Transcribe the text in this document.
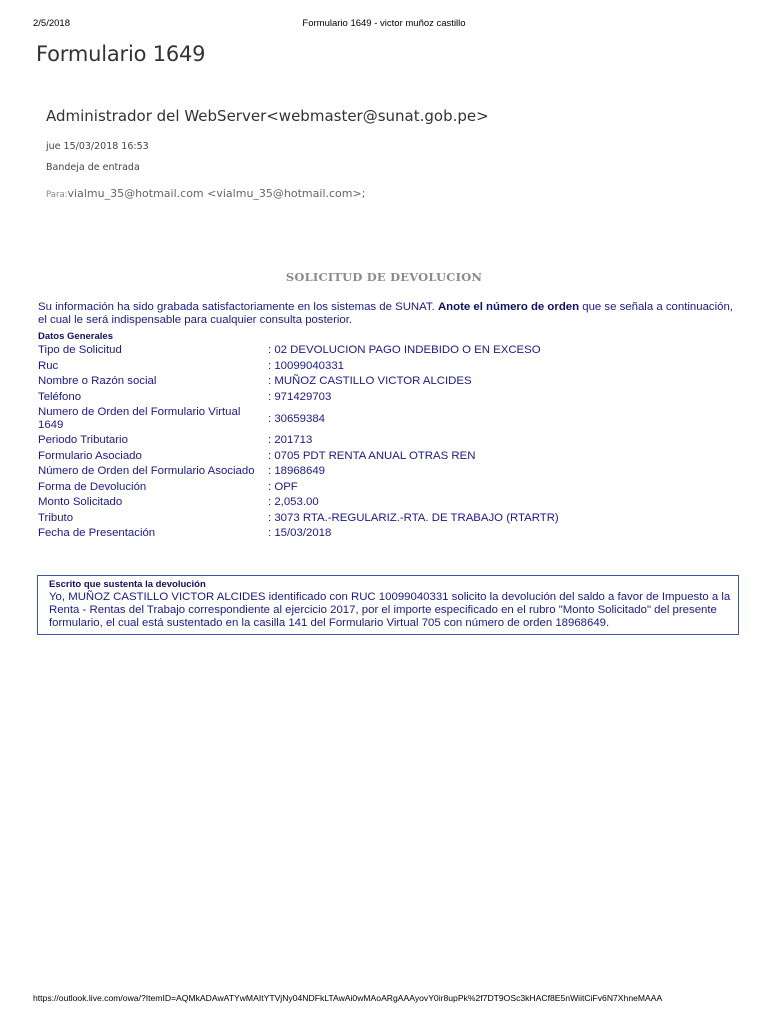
2/5/2018	Formulario 1649 - victor muñoz castillo
Formulario 1649
Administrador del WebServer<webmaster@sunat.gob.pe>
jue 15/03/2018 16:53
Bandeja de entrada
Para:vialmu_35@hotmail.com <vialmu_35@hotmail.com>;
SOLICITUD DE DEVOLUCION
Su información ha sido grabada satisfactoriamente en los sistemas de SUNAT. Anote el número de orden que se señala a continuación, el cual le será indispensable para cualquier consulta posterior.
Datos Generales
Tipo de Solicitud	: 02 DEVOLUCION PAGO INDEBIDO O EN EXCESO
Ruc	: 10099040331
Nombre o Razón social	: MUÑOZ CASTILLO VICTOR ALCIDES
Teléfono	: 971429703
Numero de Orden del Formulario Virtual 1649	: 30659384
Periodo Tributario	: 201713
Formulario Asociado	: 0705 PDT RENTA ANUAL OTRAS REN
Número de Orden del Formulario Asociado	: 18968649
Forma de Devolución	: OPF
Monto Solicitado	: 2,053.00
Tributo	: 3073 RTA.-REGULARIZ.-RTA. DE TRABAJO (RTARTR)
Fecha de Presentación	: 15/03/2018
Escrito que sustenta la devolución
Yo, MUÑOZ CASTILLO VICTOR ALCIDES identificado con RUC 10099040331 solicito la devolución del saldo a favor de Impuesto a la Renta - Rentas del Trabajo correspondiente al ejercicio 2017, por el importe especificado en el rubro "Monto Solicitado" del presente formulario, el cual está sustentado en la casilla 141 del Formulario Virtual 705 con número de orden 18968649.
https://outlook.live.com/owa/?ItemID=AQMkADAwATYwMAItYTVjNy04NDFkLTAwAi0wMAoARgAAAyovY0ir8upPk%2f7DT9OSc3kHACf8E5nWiitCiFv6N7XhneMAAA
